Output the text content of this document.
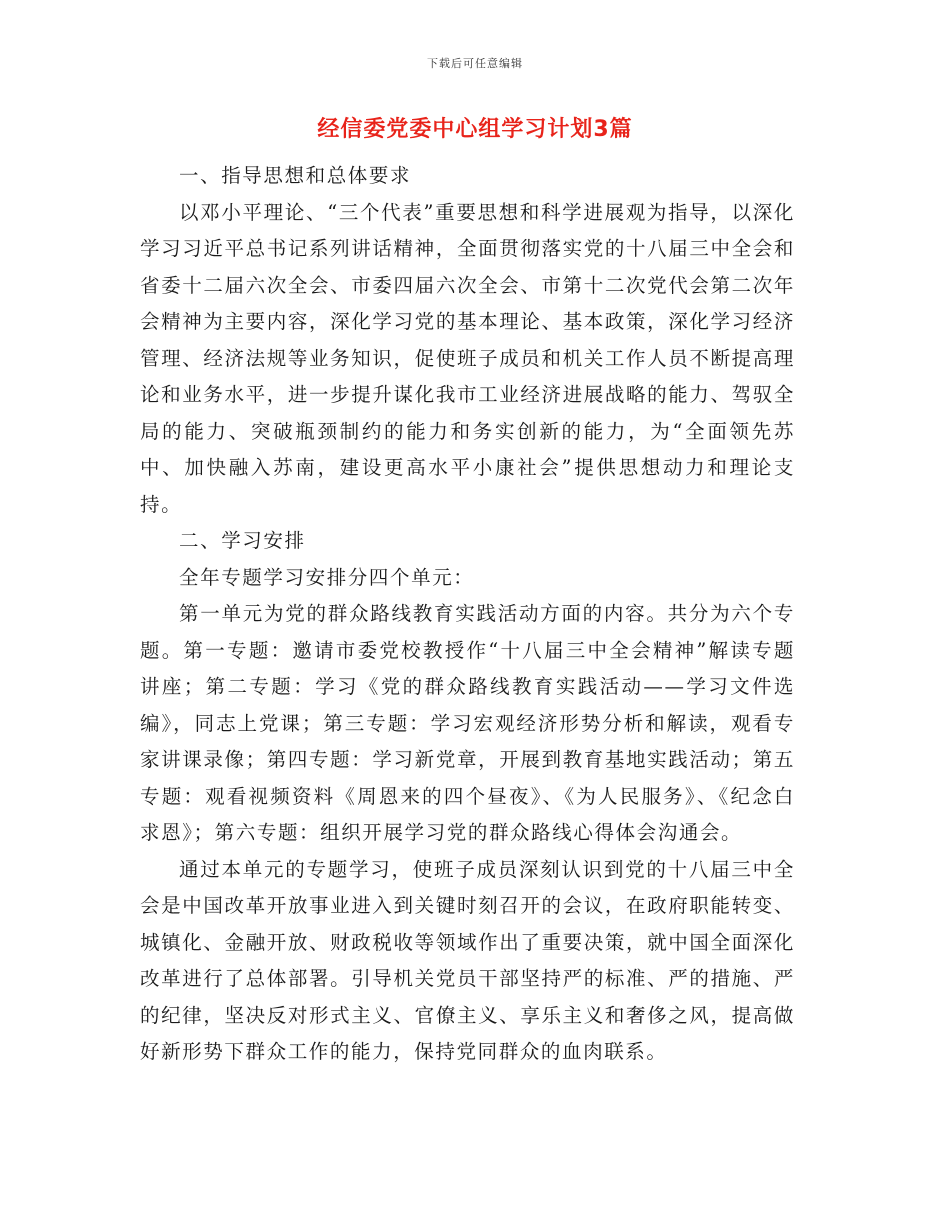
下载后可任意编辑
经信委党委中心组学习计划3篇

一、指导思想和总体要求

以邓小平理论、“三个代表”重要思想和科学进展观为指导，以深化学习习近平总书记系列讲话精神，全面贯彻落实党的十八届三中全会和省委十二届六次全会、市委四届六次全会、市第十二次党代会第二次年会精神为主要内容，深化学习党的基本理论、基本政策，深化学习经济管理、经济法规等业务知识，促使班子成员和机关工作人员不断提高理论和业务水平，进一步提升谋化我市工业经济进展战略的能力、驾驭全局的能力、突破瓶颈制约的能力和务实创新的能力，为“全面领先苏中、加快融入苏南，建设更高水平小康社会”提供思想动力和理论支持。

二、学习安排

全年专题学习安排分四个单元：

第一单元为党的群众路线教育实践活动方面的内容。共分为六个专题。第一专题：邀请市委党校教授作“十八届三中全会精神”解读专题讲座；第二专题：学习《党的群众路线教育实践活动——学习文件选编》，同志上党课；第三专题：学习宏观经济形势分析和解读，观看专家讲课录像；第四专题：学习新党章，开展到教育基地实践活动；第五专题：观看视频资料《周恩来的四个昼夜》、《为人民服务》、《纪念白求恩》；第六专题：组织开展学习党的群众路线心得体会沟通会。

通过本单元的专题学习，使班子成员深刻认识到党的十八届三中全会是中国改革开放事业进入到关键时刻召开的会议，在政府职能转变、城镇化、金融开放、财政税收等领域作出了重要决策，就中国全面深化改革进行了总体部署。引导机关党员干部坚持严的标准、严的措施、严的纪律，坚决反对形式主义、官僚主义、享乐主义和奢侈之风，提高做好新形势下群众工作的能力，保持党同群众的血肉联系。
